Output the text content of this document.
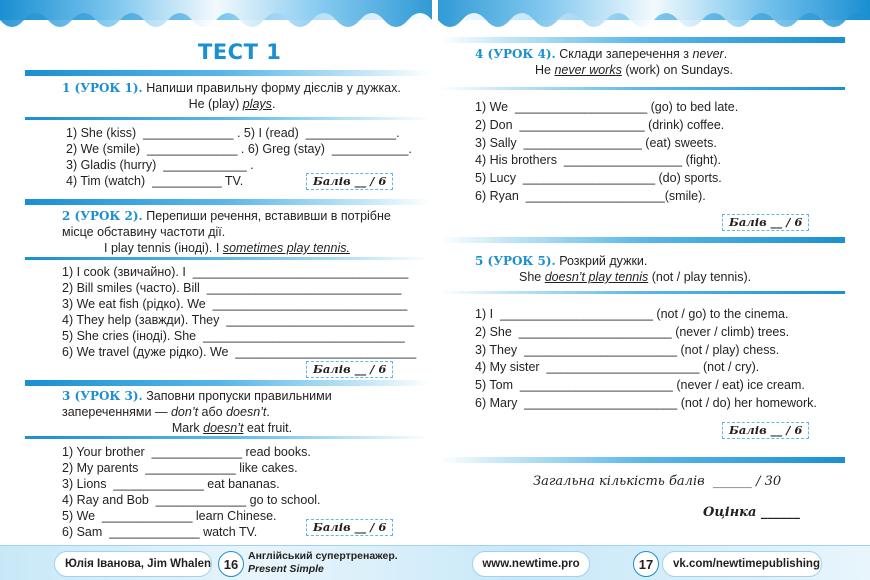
ТЕСТ 1
1 (УРОК 1). Напиши правильну форму дієслів у дужках.
He (play) plays.
1) She (kiss)  _____________ . 5) I (read)  _____________.
2) We (smile)  _____________ . 6) Greg (stay)  ___________.
3) Gladis (hurry)  ____________ .
4) Tim (watch)  __________ TV.	Балів __ / 6
2 (УРОК 2). Перепиши речення, вставивши в потрібне місце обставину частоти дії.
I play tennis (іноді). I sometimes play tennis.
1) I cook (звичайно). I  _______________________________
2) Bill smiles (часто). Bill  ____________________________
3) We eat fish (рідко). We  ____________________________
4) They help (завжди). They  ___________________________
5) She cries (іноді). She  _____________________________
6) We travel (дуже рідко). We  __________________________
Балів __ / 6
3 (УРОК 3). Заповни пропуски правильними запереченнями — don’t або doesn’t.
Mark doesn’t eat fruit.
1) Your brother  _____________ read books.
2) My parents  _____________ like cakes.
3) Lions  _____________ eat bananas.
4) Ray and Bob  _____________ go to school.
5) We  _____________ learn Chinese.
6) Sam  _____________ watch TV.	Балів __ / 6
4 (УРОК 4). Склади заперечення з never.
He never works (work) on Sundays.
1) We  ___________________ (go) to bed late.
2) Don  __________________ (drink) coffee.
3) Sally  _________________ (eat) sweets.
4) His brothers  _________________ (fight).
5) Lucy  ___________________ (do) sports.
6) Ryan  ____________________(smile).
Балів __ / 6
5 (УРОК 5). Розкрий дужки.
She doesn’t play tennis (not / play tennis).
1) I  ______________________ (not / go) to the cinema.
2) She  ______________________ (never / climb) trees.
3) They  ______________________ (not / play) chess.
4) My sister  ______________________ (not / cry).
5) Tom  ______________________ (never / eat) ice cream.
6) Mary  ______________________ (not / do) her homework.
Балів __ / 6
Загальна кількість балів  ______ / 30
Оцінка ______
Юлія Іванова, Jim Whalen 16
Англійський супертренажер.
Present Simple	www.newtime.pro	17	vk.com/newtimepublishing
